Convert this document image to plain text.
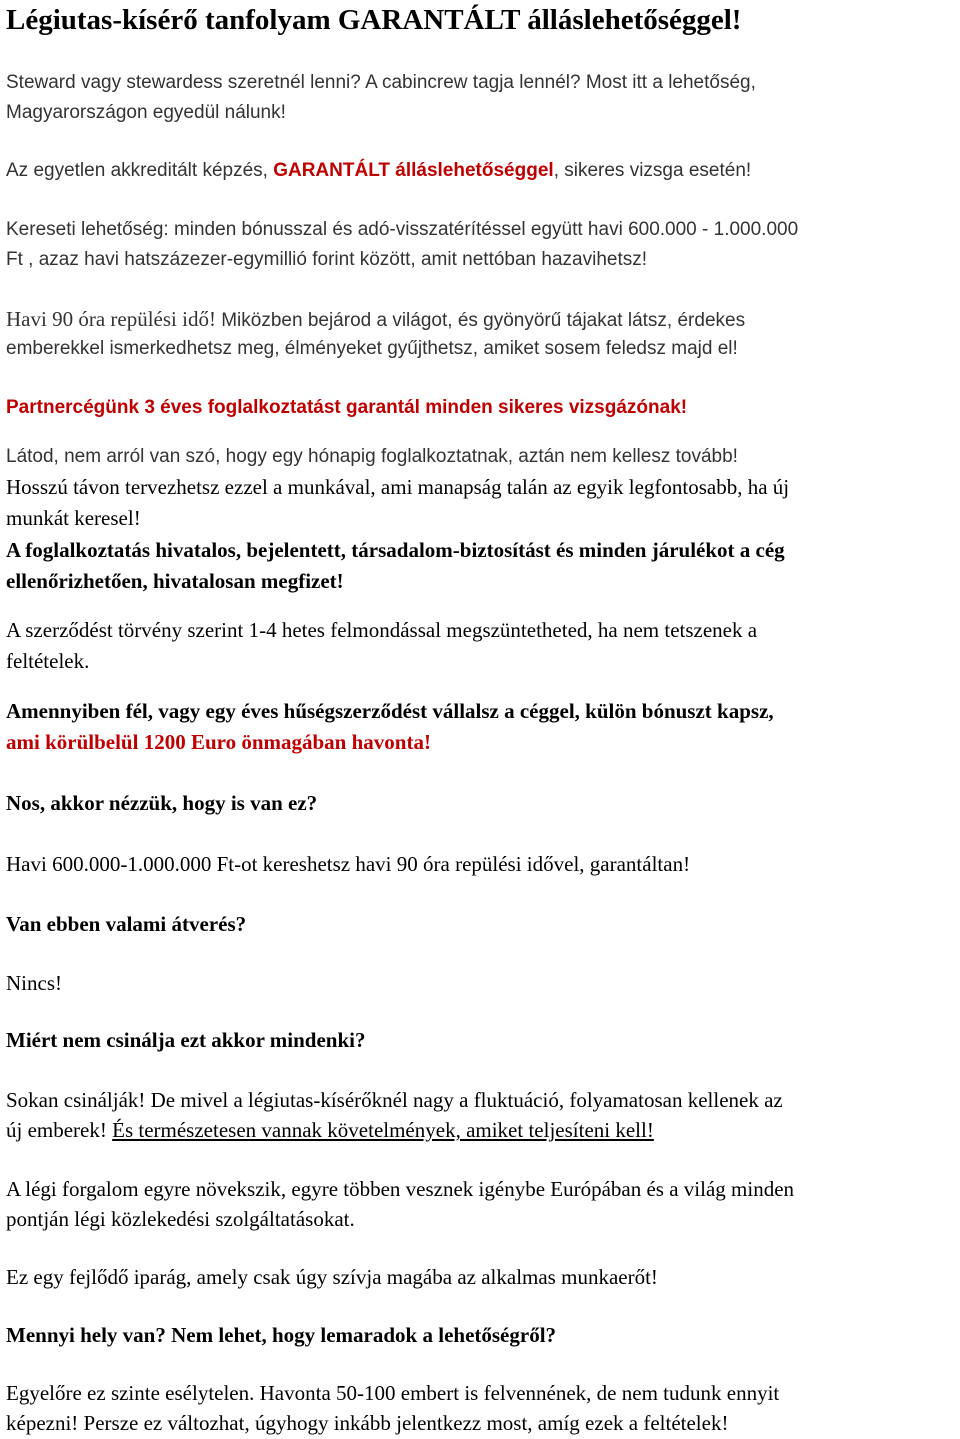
Légiutas-kísérő tanfolyam GARANTÁLT álláslehetőséggel!
Steward vagy stewardess szeretnél lenni? A cabincrew tagja lennél? Most itt a lehetőség,
Magyarországon egyedül nálunk!
Az egyetlen akkreditált képzés, GARANTÁLT álláslehetőséggel, sikeres vizsga esetén!
Kereseti lehetőség: minden bónusszal és adó-visszatérítéssel együtt havi 600.000 - 1.000.000
Ft , azaz havi hatszázezer-egymillió forint között, amit nettóban hazavihetsz!
Havi 90 óra repülési idő! Miközben bejárod a világot, és gyönyörű tájakat látsz, érdekes
emberekkel ismerkedhetsz meg, élményeket gyűjthetsz, amiket sosem feledsz majd el!
Partnercégünk 3 éves foglalkoztatást garantál minden sikeres vizsgázónak!
Látod, nem arról van szó, hogy egy hónapig foglalkoztatnak, aztán nem kellesz tovább!
Hosszú távon tervezhetsz ezzel a munkával, ami manapság talán az egyik legfontosabb, ha új
munkát keresel!
A foglalkoztatás hivatalos, bejelentett, társadalom-biztosítást és minden járulékot a cég
ellenőrizhetően, hivatalosan megfizet!
A szerződést törvény szerint 1-4 hetes felmondással megszüntetheted, ha nem tetszenek a
feltételek.
Amennyiben fél, vagy egy éves hűségszerződést vállalsz a céggel, külön bónuszt kapsz,
ami körülbelül 1200 Euro önmagában havonta!
Nos, akkor nézzük, hogy is van ez?
Havi 600.000-1.000.000 Ft-ot kereshetsz havi 90 óra repülési idővel, garantáltan!
Van ebben valami átverés?
Nincs!
Miért nem csinálja ezt akkor mindenki?
Sokan csinálják! De mivel a légiutas-kísérőknél nagy a fluktuáció, folyamatosan kellenek az
új emberek! És természetesen vannak követelmények, amiket teljesíteni kell!
A légi forgalom egyre növekszik, egyre többen vesznek igénybe Európában és a világ minden
pontján légi közlekedési szolgáltatásokat.
Ez egy fejlődő iparág, amely csak úgy szívja magába az alkalmas munkaerőt!
Mennyi hely van? Nem lehet, hogy lemaradok a lehetőségről?
Egyelőre ez szinte esélytelen. Havonta 50-100 embert is felvennének, de nem tudunk ennyit
képezni! Persze ez változhat, úgyhogy inkább jelentkezz most, amíg ezek a feltételek!
